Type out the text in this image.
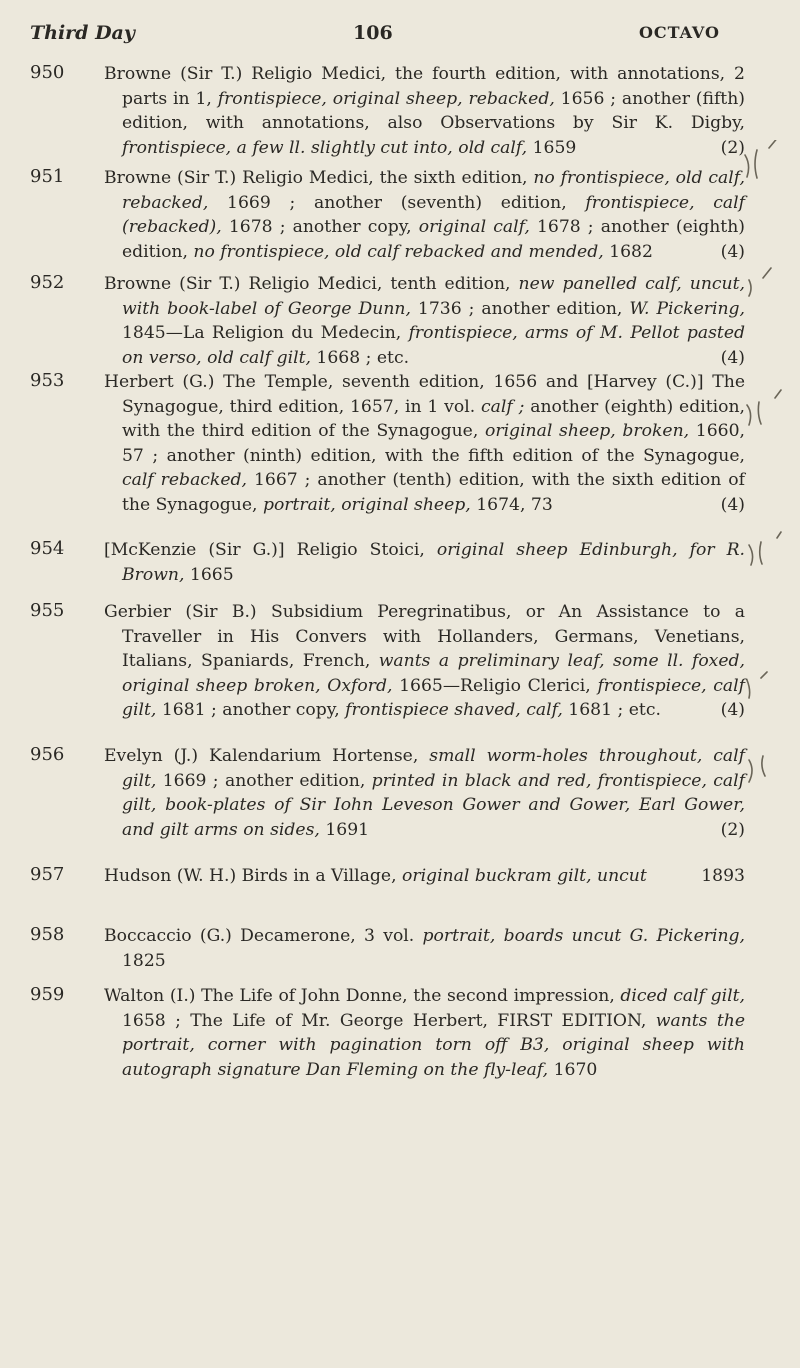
Third Day	106	OCTAVO
950 Browne (Sir T.) Religio Medici, the fourth edition, with annotations, 2 parts in 1, frontispiece, original sheep, rebacked, 1656 ; another (fifth) edition, with annotations, also Observations by Sir K. Digby, frontispiece, a few ll. slightly cut into, old calf, 1659	(2)
951 Browne (Sir T.) Religio Medici, the sixth edition, no frontispiece, old calf, rebacked, 1669 ; another (seventh) edition, frontispiece, calf (rebacked), 1678 ; another copy, original calf, 1678 ; another (eighth) edition, no frontispiece, old calf rebacked and mended, 1682	(4)
952 Browne (Sir T.) Religio Medici, tenth edition, new panelled calf, uncut, with book-label of George Dunn, 1736 ; another edition, W. Pickering, 1845—La Religion du Medecin, frontispiece, arms of M. Pellot pasted on verso, old calf gilt, 1668 ; etc.	(4)
953 Herbert (G.) The Temple, seventh edition, 1656 and [Harvey (C.)] The Synagogue, third edition, 1657, in 1 vol. calf ; another (eighth) edition, with the third edition of the Synagogue, original sheep, broken, 1660, 57 ; another (ninth) edition, with the fifth edition of the Synagogue, calf rebacked, 1667 ; another (tenth) edition, with the sixth edition of the Synagogue, portrait, original sheep, 1674, 73	(4)
954 [McKenzie (Sir G.)] Religio Stoici, original sheep Edinburgh, for R. Brown, 1665
955 Gerbier (Sir B.) Subsidium Peregrinatibus, or An Assistance to a Traveller in His Convers with Hollanders, Germans, Venetians, Italians, Spaniards, French, wants a preliminary leaf, some ll. foxed, original sheep broken, Oxford, 1665—Religio Clerici, frontispiece, calf gilt, 1681 ; another copy, frontispiece shaved, calf, 1681 ; etc.	(4)
956 Evelyn (J.) Kalendarium Hortense, small worm-holes throughout, calf gilt, 1669 ; another edition, printed in black and red, frontispiece, calf gilt, book-plates of Sir Iohn Leveson Gower and Gower, Earl Gower, and gilt arms on sides, 1691	(2)
957 Hudson (W. H.) Birds in a Village, original buckram gilt, uncut	1893
958 Boccaccio (G.) Decamerone, 3 vol. portrait, boards uncut G. Pickering, 1825
959 Walton (I.) The Life of John Donne, the second impression, diced calf gilt, 1658 ; The Life of Mr. George Herbert, FIRST EDITION, wants the portrait, corner with pagination torn off B3, original sheep with autograph signature Dan Fleming on the fly-leaf, 1670
